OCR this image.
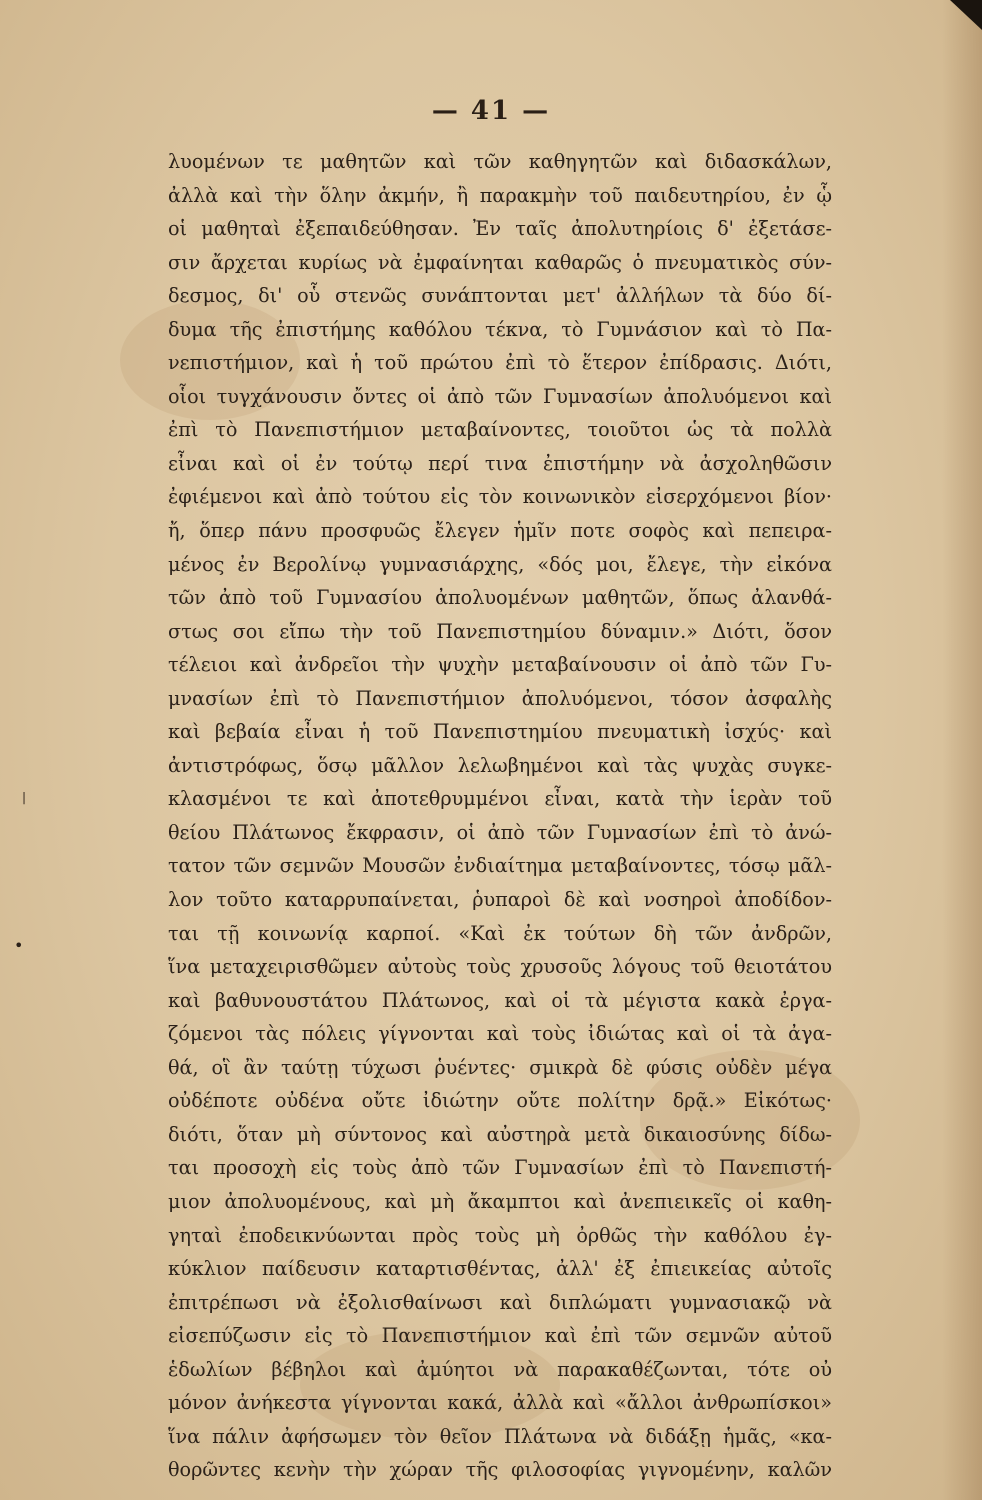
— 41 —
•
|
λυομένων τε μαθητῶν καὶ τῶν καθηγητῶν καὶ διδασκάλων,
ἀλλὰ καὶ τὴν ὅλην ἀκμήν, ἢ παρακμὴν τοῦ παιδευτηρίου, ἐν ᾧ
οἱ μαθηταὶ ἐξεπαιδεύθησαν. Ἐν ταῖς ἀπολυτηρίοις δ' ἐξετάσε-
σιν ἄρχεται κυρίως νὰ ἐμφαίνηται καθαρῶς ὁ πνευματικὸς σύν-
δεσμος, δι' οὗ στενῶς συνάπτονται μετ' ἀλλήλων τὰ δύο δί-
δυμα τῆς ἐπιστήμης καθόλου τέκνα, τὸ Γυμνάσιον καὶ τὸ Πα-
νεπιστήμιον, καὶ ἡ τοῦ πρώτου ἐπὶ τὸ ἕτερον ἐπίδρασις. Διότι,
οἷοι τυγχάνουσιν ὄντες οἱ ἀπὸ τῶν Γυμνασίων ἀπολυόμενοι καὶ
ἐπὶ τὸ Πανεπιστήμιον μεταβαίνοντες, τοιοῦτοι ὡς τὰ πολλὰ
εἶναι καὶ οἱ ἐν τούτῳ περί τινα ἐπιστήμην νὰ ἀσχοληθῶσιν
ἐφιέμενοι καὶ ἀπὸ τούτου εἰς τὸν κοινωνικὸν εἰσερχόμενοι βίον·
ἤ, ὅπερ πάνυ προσφυῶς ἔλεγεν ἡμῖν ποτε σοφὸς καὶ πεπειρα-
μένος ἐν Βερολίνῳ γυμνασιάρχης, «δός μοι, ἔλεγε, τὴν εἰκόνα
τῶν ἀπὸ τοῦ Γυμνασίου ἀπολυομένων μαθητῶν, ὅπως ἀλανθά-
στως σοι εἴπω τὴν τοῦ Πανεπιστημίου δύναμιν.» Διότι, ὅσον
τέλειοι καὶ ἀνδρεῖοι τὴν ψυχὴν μεταβαίνουσιν οἱ ἀπὸ τῶν Γυ-
μνασίων ἐπὶ τὸ Πανεπιστήμιον ἀπολυόμενοι, τόσον ἀσφαλὴς
καὶ βεβαία εἶναι ἡ τοῦ Πανεπιστημίου πνευματικὴ ἰσχύς· καὶ
ἀντιστρόφως, ὅσῳ μᾶλλον λελωβημένοι καὶ τὰς ψυχὰς συγκε-
κλασμένοι τε καὶ ἀποτεθρυμμένοι εἶναι, κατὰ τὴν ἱερὰν τοῦ
θείου Πλάτωνος ἔκφρασιν, οἱ ἀπὸ τῶν Γυμνασίων ἐπὶ τὸ ἀνώ-
τατον τῶν σεμνῶν Μουσῶν ἐνδιαίτημα μεταβαίνοντες, τόσῳ μᾶλ-
λον τοῦτο καταρρυπαίνεται, ῥυπαροὶ δὲ καὶ νοσηροὶ ἀποδίδον-
ται τῇ κοινωνίᾳ καρποί. «Καὶ ἐκ τούτων δὴ τῶν ἀνδρῶν,
ἵνα μεταχειρισθῶμεν αὐτοὺς τοὺς χρυσοῦς λόγους τοῦ θειοτάτου
καὶ βαθυνουστάτου Πλάτωνος, καὶ οἱ τὰ μέγιστα κακὰ ἐργα-
ζόμενοι τὰς πόλεις γίγνονται καὶ τοὺς ἰδιώτας καὶ οἱ τὰ ἀγα-
θά, οἳ ἂν ταύτῃ τύχωσι ῥυέντες· σμικρὰ δὲ φύσις οὐδὲν μέγα
οὐδέποτε οὐδένα οὔτε ἰδιώτην οὔτε πολίτην δρᾷ.» Εἰκότως·
διότι, ὅταν μὴ σύντονος καὶ αὐστηρὰ μετὰ δικαιοσύνης δίδω-
ται προσοχὴ εἰς τοὺς ἀπὸ τῶν Γυμνασίων ἐπὶ τὸ Πανεπιστή-
μιον ἀπολυομένους, καὶ μὴ ἄκαμπτοι καὶ ἀνεπιεικεῖς οἱ καθη-
γηταὶ ἐποδεικνύωνται πρὸς τοὺς μὴ ὀρθῶς τὴν καθόλου ἐγ-
κύκλιον παίδευσιν καταρτισθέντας, ἀλλ' ἐξ ἐπιεικείας αὐτοῖς
ἐπιτρέπωσι νὰ ἐξολισθαίνωσι καὶ διπλώματι γυμνασιακῷ νὰ
εἰσεπύζωσιν εἰς τὸ Πανεπιστήμιον καὶ ἐπὶ τῶν σεμνῶν αὐτοῦ
ἑδωλίων βέβηλοι καὶ ἀμύητοι νὰ παρακαθέζωνται, τότε οὐ
μόνον ἀνήκεστα γίγνονται κακά, ἀλλὰ καὶ «ἄλλοι ἀνθρωπίσκοι»
ἵνα πάλιν ἀφήσωμεν τὸν θεῖον Πλάτωνα νὰ διδάξῃ ἡμᾶς, «κα-
θορῶντες κενὴν τὴν χώραν τῆς φιλοσοφίας γιγνομένην, καλῶν
